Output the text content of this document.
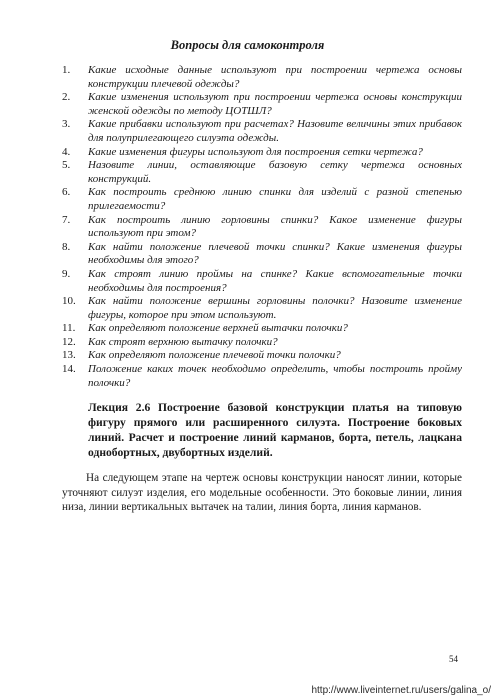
Вопросы для самоконтроля
1.	Какие исходные данные используют при построении чертежа основы конструкции плечевой одежды?
2.	Какие изменения используют при построении чертежа основы конструкции женской одежды по методу ЦОТШЛ?
3.	Какие прибавки используют при расчетах? Назовите величины этих прибавок для полуприлегающего силуэта одежды.
4.	Какие изменения фигуры используют для построения сетки чертежа?
5.	Назовите линии, оставляющие базовую сетку чертежа основных конструкций.
6.	Как построить среднюю линию спинки для изделий с разной степенью прилегаемости?
7.	Как построить линию горловины спинки? Какое изменение фигуры используют при этом?
8.	Как найти положение плечевой точки спинки? Какие изменения фигуры необходимы для этого?
9.	Как строят линию проймы на спинке? Какие вспомогательные точки необходимы для построения?
10.	Как найти положение вершины горловины полочки? Назовите изменение фигуры, которое при этом используют.
11.	Как определяют положение верхней вытачки полочки?
12.	Как строят верхнюю вытачку полочки?
13.	Как определяют положение плечевой точки полочки?
14.	Положение каких точек необходимо определить, чтобы построить пройму полочки?
Лекция 2.6 Построение базовой конструкции платья на типовую фигуру прямого или расширенного силуэта. Построение боковых линий. Расчет и построение линий карманов, борта, петель, лацкана однобортных, двубортных изделий.
На следующем этапе на чертеж основы конструкции наносят линии, которые уточняют силуэт изделия, его модельные особенности. Это боковые линии, линия низа, линии вертикальных вытачек на талии, линия борта, линия карманов.
54
http://www.liveinternet.ru/users/galina_o/
